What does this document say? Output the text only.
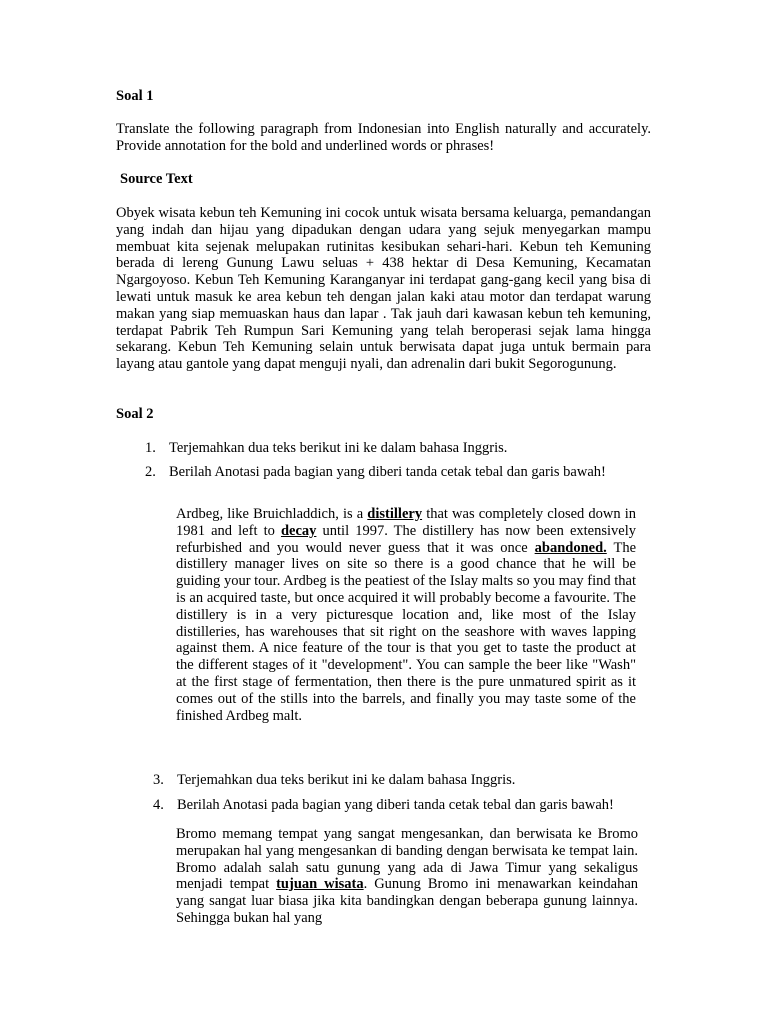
Soal 1
Translate the following paragraph from Indonesian into English naturally and accurately. Provide annotation for the bold and underlined words or phrases!
Source Text
Obyek wisata kebun teh Kemuning ini cocok untuk wisata bersama keluarga, pemandangan yang indah dan hijau yang dipadukan dengan udara yang sejuk menyegarkan mampu membuat kita sejenak melupakan rutinitas kesibukan sehari-hari. Kebun teh Kemuning berada di lereng Gunung Lawu seluas + 438 hektar di Desa Kemuning, Kecamatan Ngargoyoso. Kebun Teh Kemuning Karanganyar ini terdapat gang-gang kecil yang bisa di lewati untuk masuk ke area kebun teh dengan jalan kaki atau motor dan terdapat warung makan yang siap memuaskan haus dan lapar . Tak jauh dari kawasan kebun teh kemuning, terdapat Pabrik Teh Rumpun Sari Kemuning yang telah beroperasi sejak lama hingga sekarang. Kebun Teh Kemuning selain untuk berwisata dapat juga untuk bermain para layang atau gantole yang dapat menguji nyali, dan adrenalin dari bukit Segorogunung.
Soal 2
1. Terjemahkan dua teks berikut ini ke dalam bahasa Inggris.
2. Berilah Anotasi pada bagian yang diberi tanda cetak tebal dan garis bawah!
Ardbeg, like Bruichladdich, is a distillery that was completely closed down in 1981 and left to decay until 1997. The distillery has now been extensively refurbished and you would never guess that it was once abandoned. The distillery manager lives on site so there is a good chance that he will be guiding your tour. Ardbeg is the peatiest of the Islay malts so you may find that is an acquired taste, but once acquired it will probably become a favourite. The distillery is in a very picturesque location and, like most of the Islay distilleries, has warehouses that sit right on the seashore with waves lapping against them. A nice feature of the tour is that you get to taste the product at the different stages of it "development". You can sample the beer like "Wash" at the first stage of fermentation, then there is the pure unmatured spirit as it comes out of the stills into the barrels, and finally you may taste some of the finished Ardbeg malt.
3. Terjemahkan dua teks berikut ini ke dalam bahasa Inggris.
4. Berilah Anotasi pada bagian yang diberi tanda cetak tebal dan garis bawah!
Bromo memang tempat yang sangat mengesankan, dan berwisata ke Bromo merupakan hal yang mengesankan di banding dengan berwisata ke tempat lain. Bromo adalah salah satu gunung yang ada di Jawa Timur yang sekaligus menjadi tempat tujuan wisata. Gunung Bromo ini menawarkan keindahan yang sangat luar biasa jika kita bandingkan dengan beberapa gunung lainnya. Sehingga bukan hal yang
